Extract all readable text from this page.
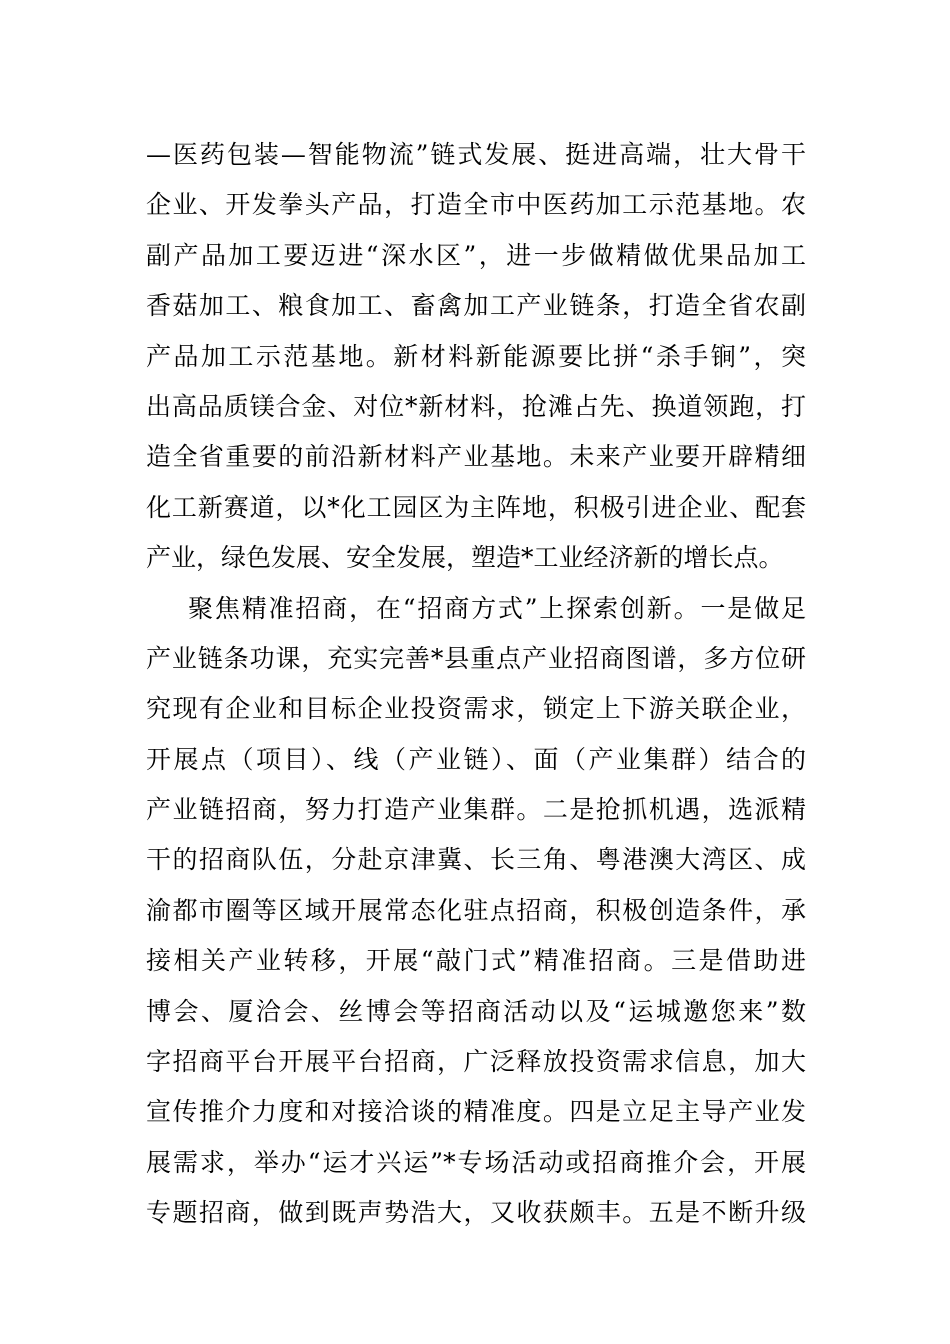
—医药包装—智能物流”链式发展、挺进高端，壮大骨干
企业、开发拳头产品，打造全市中医药加工示范基地。农
副产品加工要迈进“深水区”，进一步做精做优果品加工
香菇加工、粮食加工、畜禽加工产业链条，打造全省农副
产品加工示范基地。新材料新能源要比拼“杀手锏”，突
出高品质镁合金、对位*新材料，抢滩占先、换道领跑，打
造全省重要的前沿新材料产业基地。未来产业要开辟精细
化工新赛道，以*化工园区为主阵地，积极引进企业、配套
产业，绿色发展、安全发展，塑造*工业经济新的增长点。
聚焦精准招商，在“招商方式”上探索创新。一是做足
产业链条功课，充实完善*县重点产业招商图谱，多方位研
究现有企业和目标企业投资需求，锁定上下游关联企业，
开展点（项目）、线（产业链）、面（产业集群）结合的
产业链招商，努力打造产业集群。二是抢抓机遇，选派精
干的招商队伍，分赴京津冀、长三角、粤港澳大湾区、成
渝都市圈等区域开展常态化驻点招商，积极创造条件，承
接相关产业转移，开展“敲门式”精准招商。三是借助进
博会、厦洽会、丝博会等招商活动以及“运城邀您来”数
字招商平台开展平台招商，广泛释放投资需求信息，加大
宣传推介力度和对接洽谈的精准度。四是立足主导产业发
展需求，举办“运才兴运”*专场活动或招商推介会，开展
专题招商，做到既声势浩大，又收获颇丰。五是不断升级
